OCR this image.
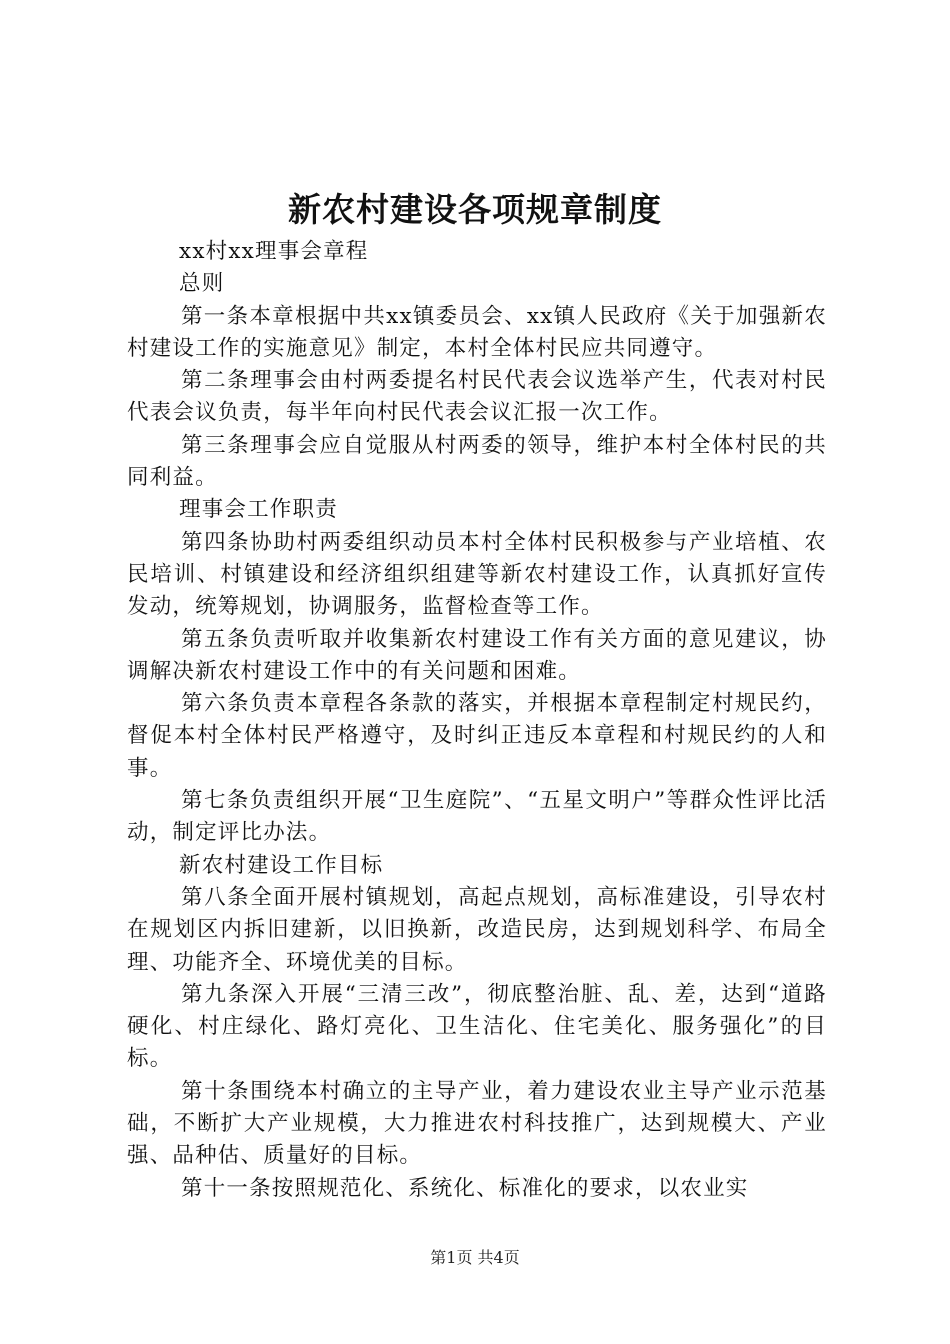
新农村建设各项规章制度

xx村xx理事会章程

总则

第一条本章根据中共xx镇委员会、xx镇人民政府《关于加强新农村建设工作的实施意见》制定，本村全体村民应共同遵守。

第二条理事会由村两委提名村民代表会议选举产生，代表对村民代表会议负责，每半年向村民代表会议汇报一次工作。

第三条理事会应自觉服从村两委的领导，维护本村全体村民的共同利益。

理事会工作职责

第四条协助村两委组织动员本村全体村民积极参与产业培植、农民培训、村镇建设和经济组织组建等新农村建设工作，认真抓好宣传发动，统筹规划，协调服务，监督检查等工作。

第五条负责听取并收集新农村建设工作有关方面的意见建议，协调解决新农村建设工作中的有关问题和困难。

第六条负责本章程各条款的落实，并根据本章程制定村规民约，督促本村全体村民严格遵守，及时纠正违反本章程和村规民约的人和事。

第七条负责组织开展“卫生庭院”、“五星文明户”等群众性评比活动，制定评比办法。

新农村建设工作目标

第八条全面开展村镇规划，高起点规划，高标准建设，引导农村在规划区内拆旧建新，以旧换新，改造民房，达到规划科学、布局全理、功能齐全、环境优美的目标。

第九条深入开展“三清三改”，彻底整治脏、乱、差，达到“道路硬化、村庄绿化、路灯亮化、卫生洁化、住宅美化、服务强化”的目标。

第十条围绕本村确立的主导产业，着力建设农业主导产业示范基础，不断扩大产业规模，大力推进农村科技推广，达到规模大、产业强、品种估、质量好的目标。

第十一条按照规范化、系统化、标准化的要求，以农业实

第1页 共4页
